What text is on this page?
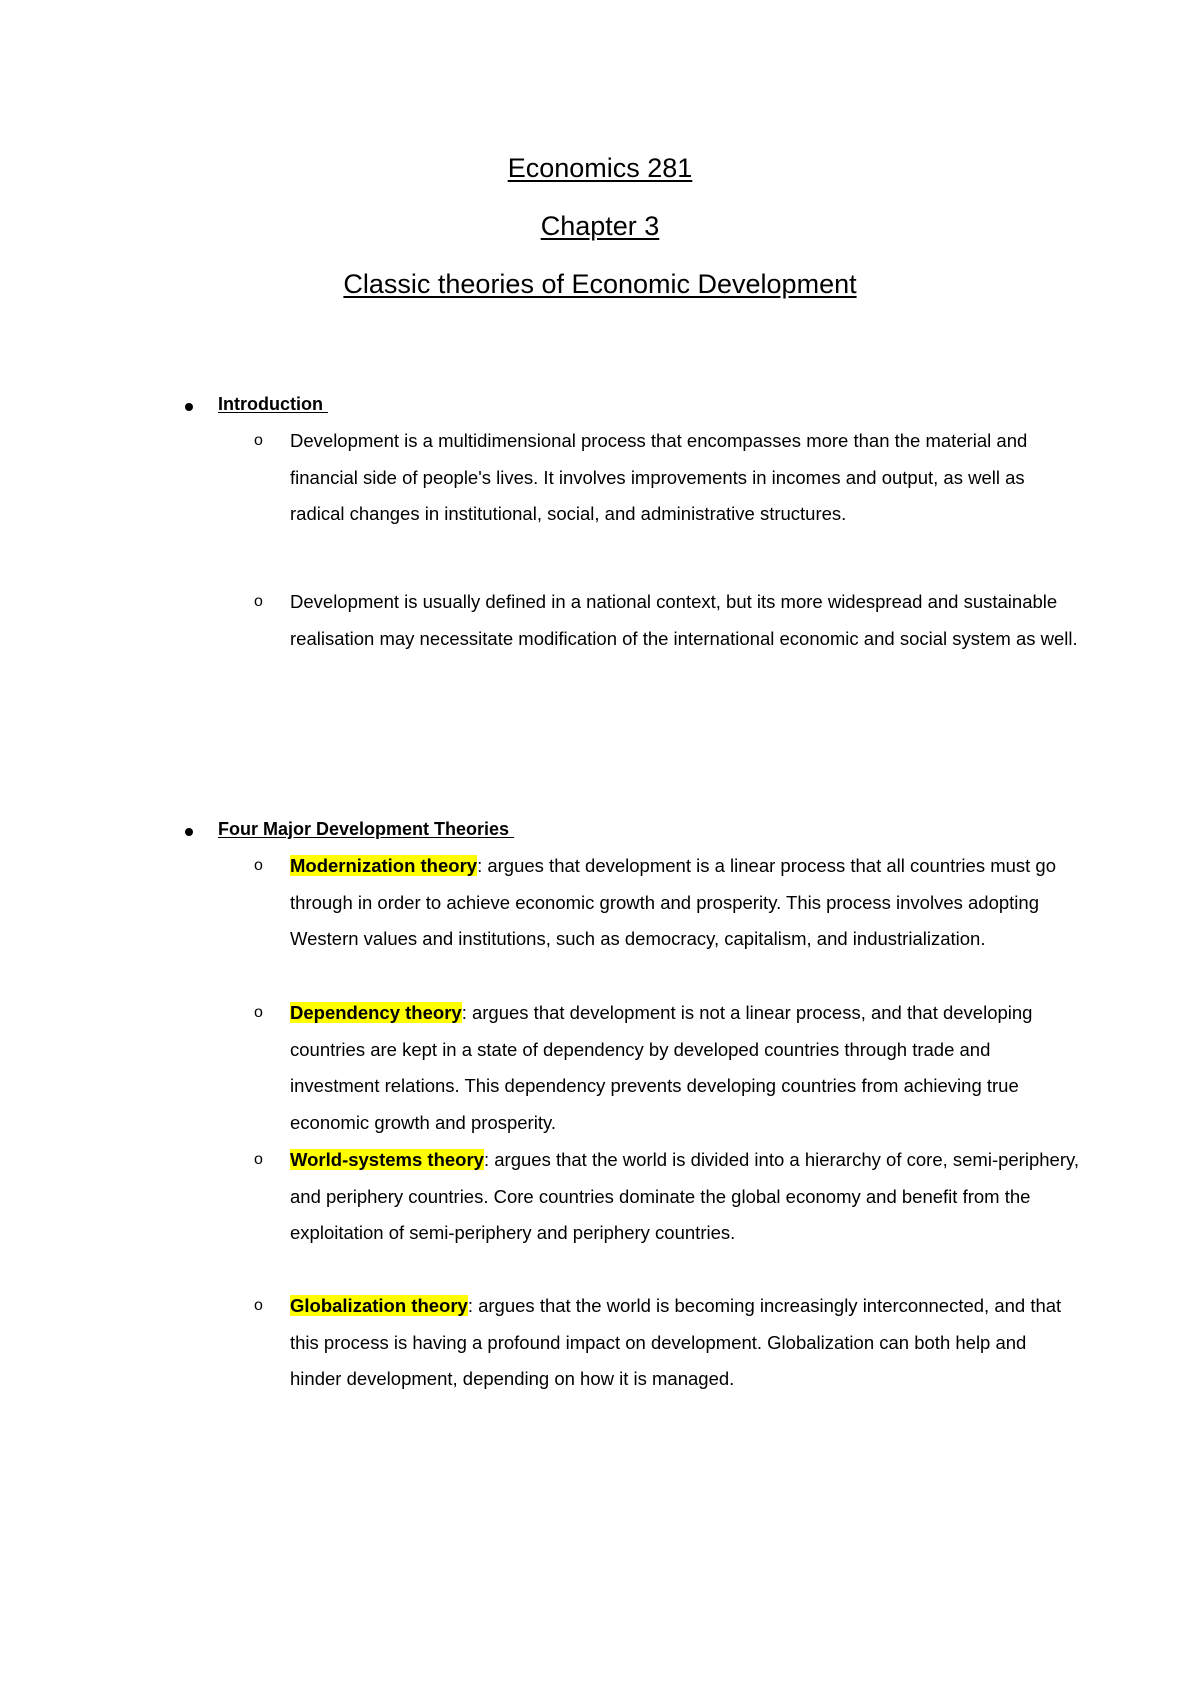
Economics 281
Chapter 3
Classic theories of Economic Development
Introduction
o Development is a multidimensional process that encompasses more than the material and financial side of people's lives. It involves improvements in incomes and output, as well as radical changes in institutional, social, and administrative structures.

o Development is usually defined in a national context, but its more widespread and sustainable realisation may necessitate modification of the international economic and social system as well.

Four Major Development Theories
o Modernization theory: argues that development is a linear process that all countries must go through in order to achieve economic growth and prosperity. This process involves adopting Western values and institutions, such as democracy, capitalism, and industrialization.

o Dependency theory: argues that development is not a linear process, and that developing countries are kept in a state of dependency by developed countries through trade and investment relations. This dependency prevents developing countries from achieving true economic growth and prosperity.

o World-systems theory: argues that the world is divided into a hierarchy of core, semi-periphery, and periphery countries. Core countries dominate the global economy and benefit from the exploitation of semi-periphery and periphery countries.

o Globalization theory: argues that the world is becoming increasingly interconnected, and that this process is having a profound impact on development. Globalization can both help and hinder development, depending on how it is managed.
